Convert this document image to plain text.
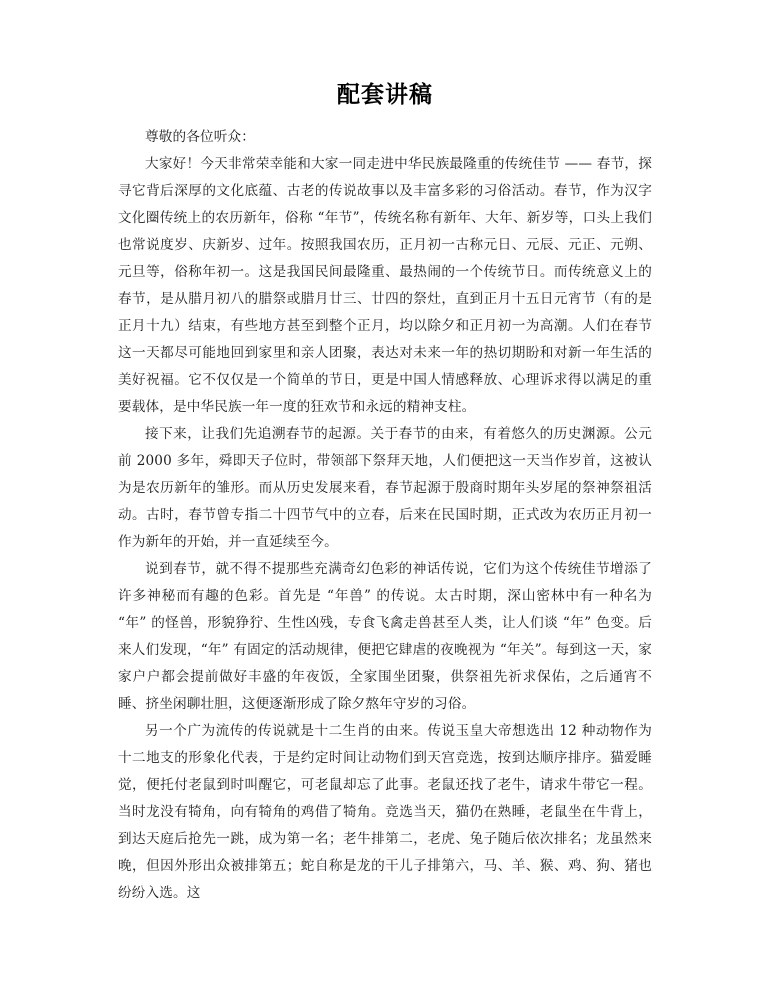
配套讲稿

尊敬的各位听众：

大家好！今天非常荣幸能和大家一同走进中华民族最隆重的传统佳节 —— 春节，探寻它背后深厚的文化底蕴、古老的传说故事以及丰富多彩的习俗活动。春节，作为汉字文化圈传统上的农历新年，俗称 “年节”，传统名称有新年、大年、新岁等，口头上我们也常说度岁、庆新岁、过年。按照我国农历，正月初一古称元日、元辰、元正、元朔、元旦等，俗称年初一。这是我国民间最隆重、最热闹的一个传统节日。而传统意义上的春节，是从腊月初八的腊祭或腊月廿三、廿四的祭灶，直到正月十五日元宵节（有的是正月十九）结束，有些地方甚至到整个正月，均以除夕和正月初一为高潮。人们在春节这一天都尽可能地回到家里和亲人团聚，表达对未来一年的热切期盼和对新一年生活的美好祝福。它不仅仅是一个简单的节日，更是中国人情感释放、心理诉求得以满足的重要载体，是中华民族一年一度的狂欢节和永远的精神支柱。

接下来，让我们先追溯春节的起源。关于春节的由来，有着悠久的历史渊源。公元前 2000 多年，舜即天子位时，带领部下祭拜天地，人们便把这一天当作岁首，这被认为是农历新年的雏形。而从历史发展来看，春节起源于殷商时期年头岁尾的祭神祭祖活动。古时，春节曾专指二十四节气中的立春，后来在民国时期，正式改为农历正月初一作为新年的开始，并一直延续至今。

说到春节，就不得不提那些充满奇幻色彩的神话传说，它们为这个传统佳节增添了许多神秘而有趣的色彩。首先是 “年兽” 的传说。太古时期，深山密林中有一种名为 “年” 的怪兽，形貌狰狞、生性凶残，专食飞禽走兽甚至人类，让人们谈 “年” 色变。后来人们发现，“年” 有固定的活动规律，便把它肆虐的夜晚视为 “年关”。每到这一天，家家户户都会提前做好丰盛的年夜饭，全家围坐团聚，供祭祖先祈求保佑，之后通宵不睡、挤坐闲聊壮胆，这便逐渐形成了除夕熬年守岁的习俗。

另一个广为流传的传说就是十二生肖的由来。传说玉皇大帝想选出 12 种动物作为十二地支的形象化代表，于是约定时间让动物们到天宫竞选，按到达顺序排序。猫爱睡觉，便托付老鼠到时叫醒它，可老鼠却忘了此事。老鼠还找了老牛，请求牛带它一程。当时龙没有犄角，向有犄角的鸡借了犄角。竞选当天，猫仍在熟睡，老鼠坐在牛背上，到达天庭后抢先一跳，成为第一名；老牛排第二，老虎、兔子随后依次排名；龙虽然来晚，但因外形出众被排第五；蛇自称是龙的干儿子排第六，马、羊、猴、鸡、狗、猪也纷纷入选。这
